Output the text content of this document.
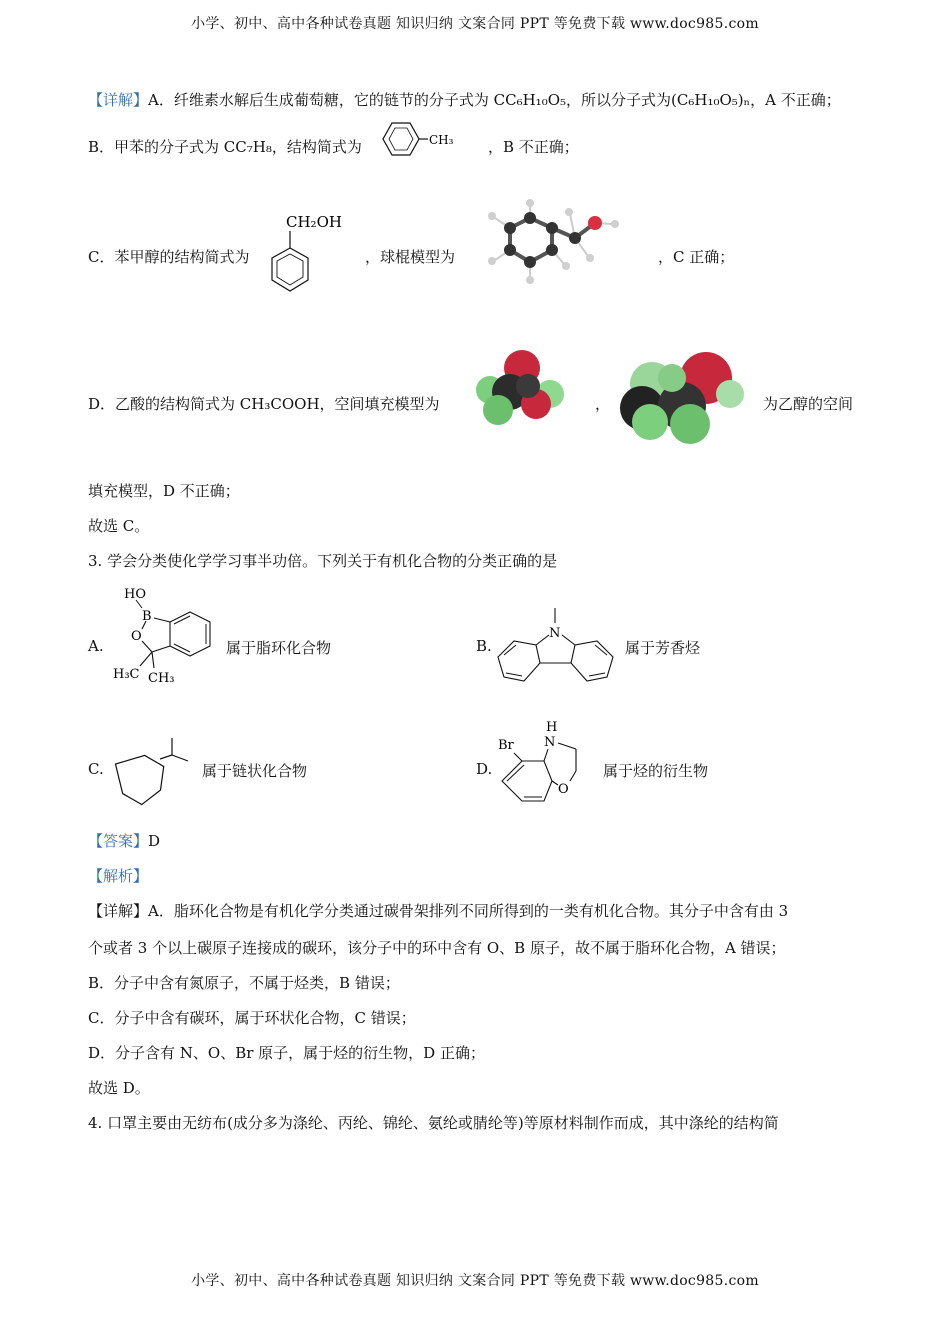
小学、初中、高中各种试卷真题 知识归纳 文案合同 PPT 等免费下载 www.doc985.com
【详解】A．纤维素水解后生成葡萄糖，它的链节的分子式为 CC₆H₁₀O₅，所以分子式为(C₆H₁₀O₅)ₙ，A 不正确；
B．甲苯的分子式为 CC₇H₈，结构简式为	CH₃ ，B 不正确；
C．苯甲醇的结构简式为
CH₂OH
，球棍模型为	，C 正确；
D．乙酸的结构简式为 CH₃COOH，空间填充模型为	，	为乙醇的空间
填充模型，D 不正确；
故选 C。
3. 学会分类使化学学习事半功倍。下列关于有机化合物的分类正确的是
A.
HO
B
O
H₃C CH₃
属于脂环化合物	B.
N
属于芳香烃
C.	属于链状化合物	D.
H
N
Br
O
属于烃的衍生物
【答案】D
【解析】
【详解】A．脂环化合物是有机化学分类通过碳骨架排列不同所得到的一类有机化合物。其分子中含有由 3
个或者 3 个以上碳原子连接成的碳环，该分子中的环中含有 O、B 原子，故不属于脂环化合物，A 错误；
B．分子中含有氮原子，不属于烃类，B 错误；
C．分子中含有碳环，属于环状化合物，C 错误；
D．分子含有 N、O、Br 原子，属于烃的衍生物，D 正确；
故选 D。
4. 口罩主要由无纺布(成分多为涤纶、丙纶、锦纶、氨纶或腈纶等)等原材料制作而成，其中涤纶的结构简
小学、初中、高中各种试卷真题 知识归纳 文案合同 PPT 等免费下载 www.doc985.com
